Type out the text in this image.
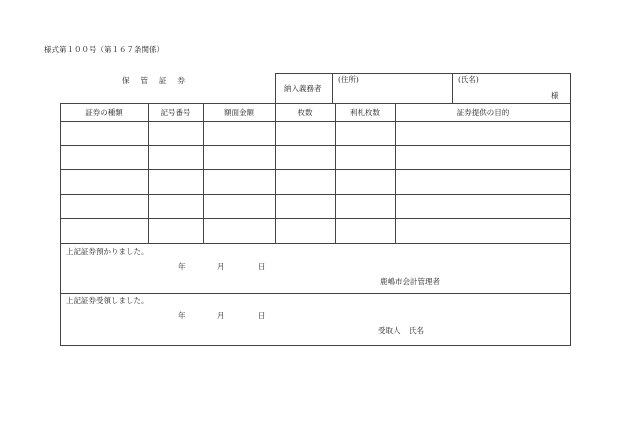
様式第１００号（第１６７条関係）
保管証券
納入義務者
(住所)	(氏名)
様
証券の種類	記号番号	額面金額	枚数	利札枚数	証券提供の目的
上記証券預かりました。
年	月	日
鹿嶋市会計管理者
上記証券受領しました。
年	月	日
受取人 氏名
